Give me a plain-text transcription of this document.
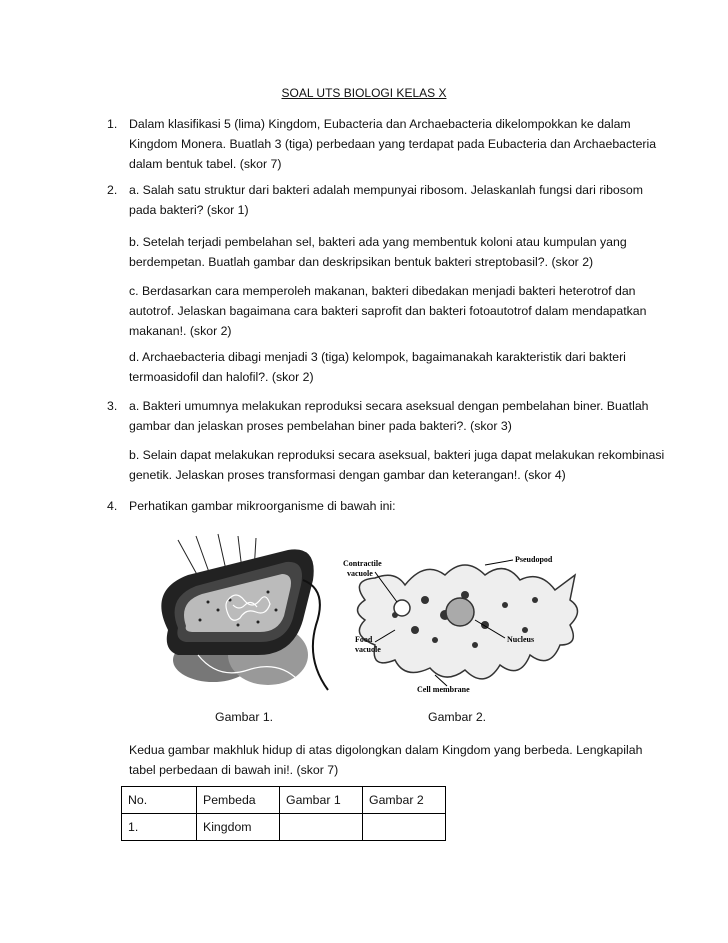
SOAL UTS BIOLOGI KELAS X
1. Dalam klasifikasi 5 (lima) Kingdom, Eubacteria dan Archaebacteria dikelompokkan ke dalam Kingdom Monera. Buatlah 3 (tiga) perbedaan yang terdapat pada Eubacteria dan Archaebacteria dalam bentuk tabel. (skor 7)
2. a. Salah satu struktur dari bakteri adalah mempunyai ribosom. Jelaskanlah fungsi dari ribosom pada bakteri? (skor 1)
b. Setelah terjadi pembelahan sel, bakteri ada yang membentuk koloni atau kumpulan yang berdempetan. Buatlah gambar dan deskripsikan bentuk bakteri streptobasil?. (skor 2)
c. Berdasarkan cara memperoleh makanan, bakteri dibedakan menjadi bakteri heterotrof dan autotrof. Jelaskan bagaimana cara bakteri saprofit dan bakteri fotoautotrof dalam mendapatkan makanan!. (skor 2)
d. Archaebacteria dibagi menjadi 3 (tiga) kelompok, bagaimanakah karakteristik dari bakteri termoasidofil dan halofil?. (skor 2)
3. a. Bakteri umumnya melakukan reproduksi secara aseksual dengan pembelahan biner. Buatlah gambar dan jelaskan proses pembelahan biner pada bakteri?. (skor 3)
b. Selain dapat melakukan reproduksi secara aseksual, bakteri juga dapat melakukan rekombinasi genetik. Jelaskan proses transformasi dengan gambar dan keterangan!. (skor 4)
4. Perhatikan gambar mikroorganisme di bawah ini:
Pseudopod
Contractile
vacuole
Nucleus
Food
vacuole
Cell membrane
Gambar 1.	Gambar 2.
Kedua gambar makhluk hidup di atas digolongkan dalam Kingdom yang berbeda. Lengkapilah tabel perbedaan di bawah ini!. (skor 7)
No.	Pembeda	Gambar 1	Gambar 2
1.	Kingdom		
